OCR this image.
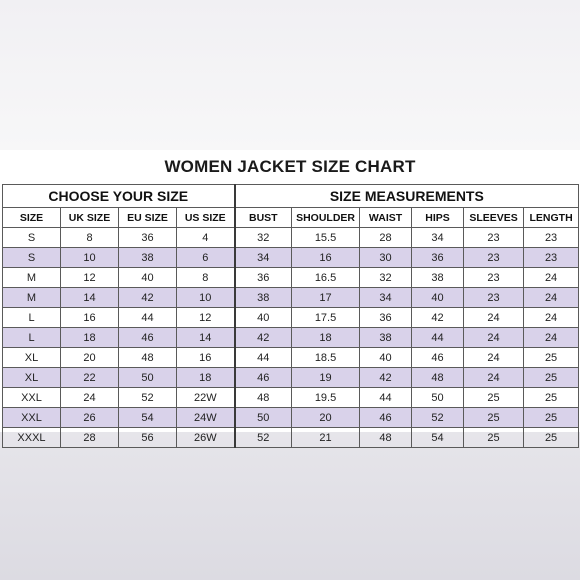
WOMEN JACKET SIZE CHART
CHOOSE YOUR SIZE				SIZE MEASUREMENTS					
SIZE	UK SIZE	EU SIZE	US SIZE	BUST	SHOULDER	WAIST	HIPS	SLEEVES	LENGTH
S	8	36	4	32	15.5	28	34	23	23
S	10	38	6	34	16	30	36	23	23
M	12	40	8	36	16.5	32	38	23	24
M	14	42	10	38	17	34	40	23	24
L	16	44	12	40	17.5	36	42	24	24
L	18	46	14	42	18	38	44	24	24
XL	20	48	16	44	18.5	40	46	24	25
XL	22	50	18	46	19	42	48	24	25
XXL	24	52	22W	48	19.5	44	50	25	25
XXL	26	54	24W	50	20	46	52	25	25
XXXL	28	56	26W	52	21	48	54	25	25
